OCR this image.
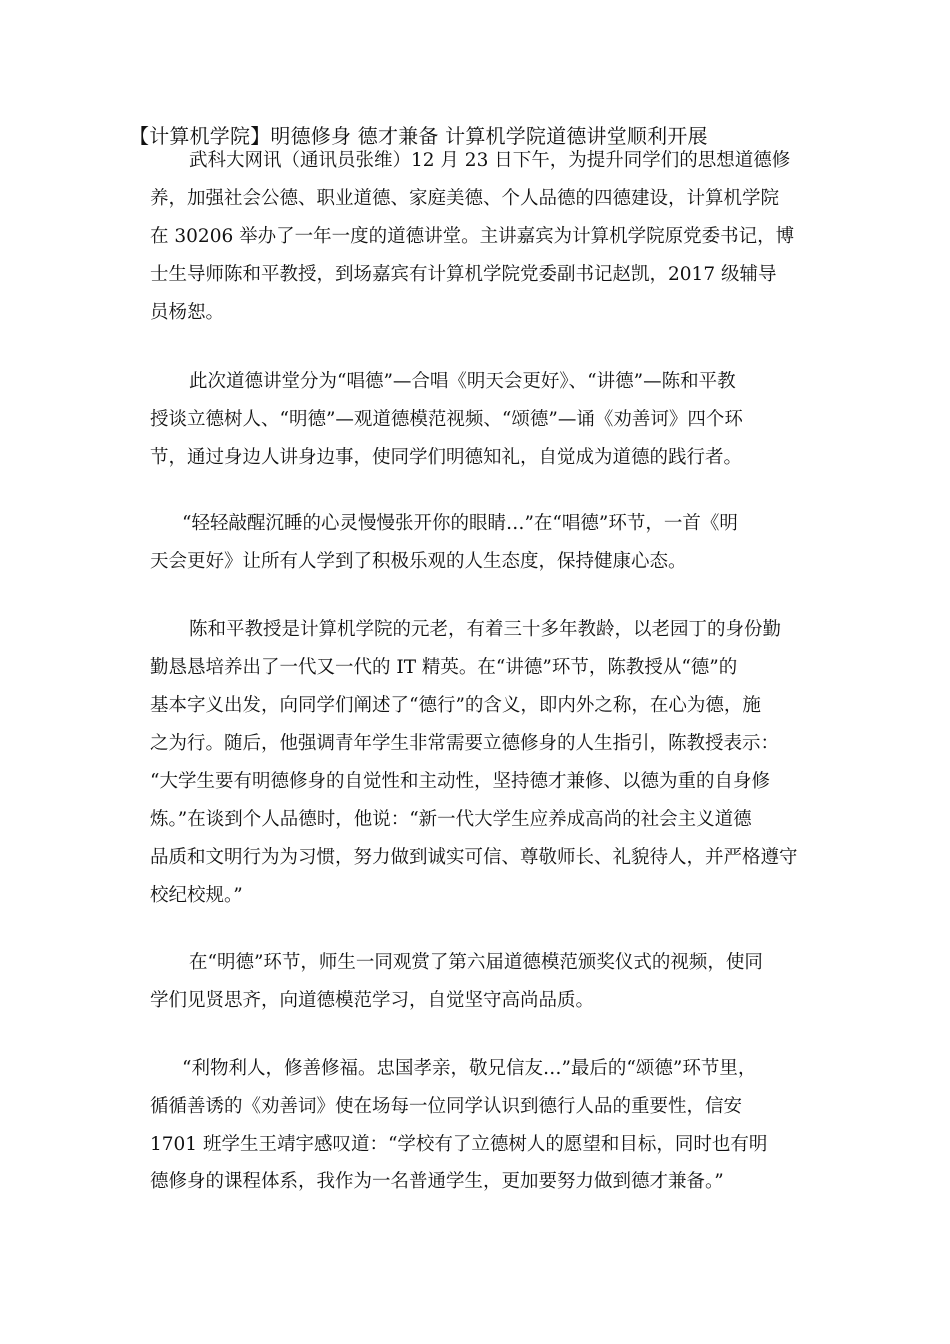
【计算机学院】明德修身 德才兼备 计算机学院道德讲堂顺利开展
武科大网讯（通讯员张维）12 月 23 日下午，为提升同学们的思想道德修
养，加强社会公德、职业道德、家庭美德、个人品德的四德建设，计算机学院
在 30206 举办了一年一度的道德讲堂。主讲嘉宾为计算机学院原党委书记，博
士生导师陈和平教授，到场嘉宾有计算机学院党委副书记赵凯，2017 级辅导
员杨恕。
此次道德讲堂分为“唱德”—合唱《明天会更好》、“讲德”—陈和平教
授谈立德树人、“明德”—观道德模范视频、“颂德”—诵《劝善诃》四个环
节，通过身边人讲身边事，使同学们明德知礼，自觉成为道德的践行者。
“轻轻敲醒沉睡的心灵慢慢张开你的眼睛…”在“唱德”环节，一首《明
天会更好》让所有人学到了积极乐观的人生态度，保持健康心态。
陈和平教授是计算机学院的元老，有着三十多年教龄，以老园丁的身份勤
勤恳恳培养出了一代又一代的 IT 精英。在“讲德”环节，陈教授从“德”的
基本字义出发，向同学们阐述了“德行”的含义，即内外之称，在心为德，施
之为行。随后，他强调青年学生非常需要立德修身的人生指引，陈教授表示：
“大学生要有明德修身的自觉性和主动性，坚持德才兼修、以德为重的自身修
炼。”在谈到个人品德时，他说：“新一代大学生应养成高尚的社会主义道德
品质和文明行为为习惯，努力做到诚实可信、尊敬师长、礼貌待人，并严格遵守
校纪校规。”
在“明德”环节，师生一同观赏了第六届道德模范颁奖仪式的视频，使同
学们见贤思齐，向道德模范学习，自觉坚守高尚品质。
“利物利人，修善修福。忠国孝亲，敬兄信友…”最后的“颂德”环节里，
循循善诱的《劝善词》使在场每一位同学认识到德行人品的重要性，信安
1701 班学生王靖宇感叹道：“学校有了立德树人的愿望和目标，同时也有明
德修身的课程体系，我作为一名普通学生，更加要努力做到德才兼备。”
